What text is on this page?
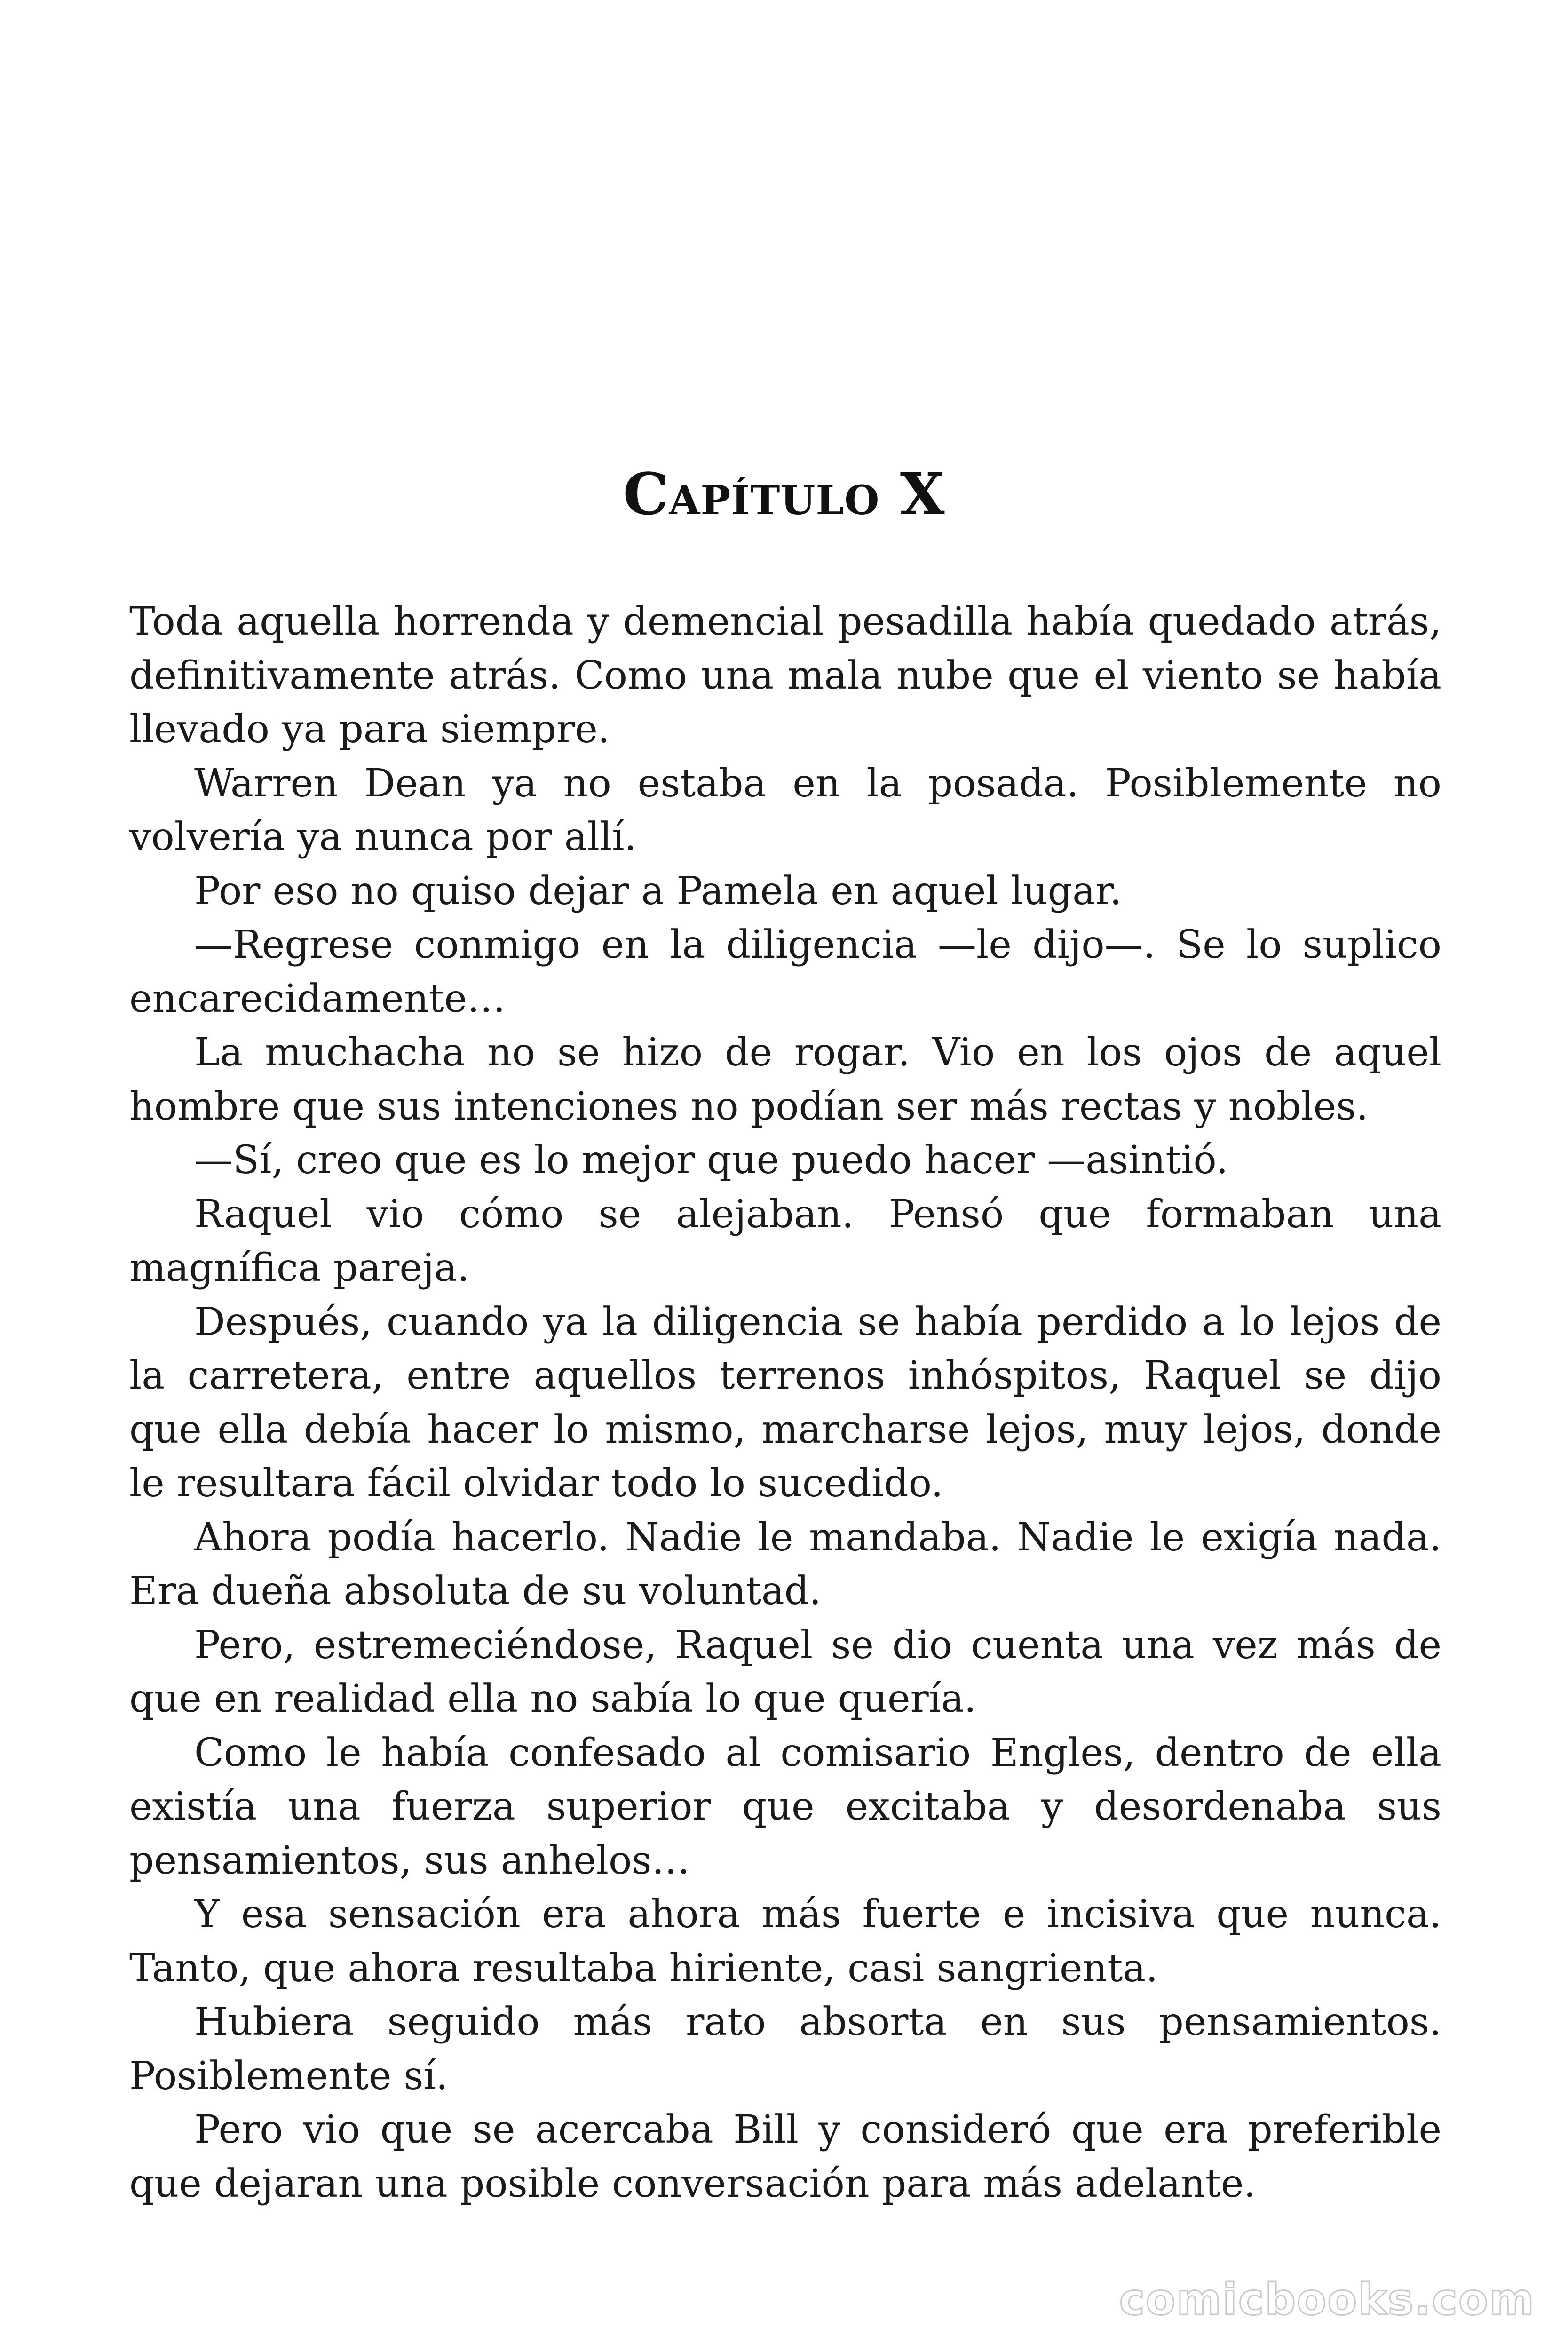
Capítulo X

Toda aquella horrenda y demencial pesadilla había quedado atrás, definitivamente atrás. Como una mala nube que el viento se había llevado ya para siempre.

Warren Dean ya no estaba en la posada. Posiblemente no volvería ya nunca por allí.

Por eso no quiso dejar a Pamela en aquel lugar.

—Regrese conmigo en la diligencia —le dijo—. Se lo suplico encarecidamente…

La muchacha no se hizo de rogar. Vio en los ojos de aquel hombre que sus intenciones no podían ser más rectas y nobles.

—Sí, creo que es lo mejor que puedo hacer —asintió.

Raquel vio cómo se alejaban. Pensó que formaban una magnífica pareja.

Después, cuando ya la diligencia se había perdido a lo lejos de la carretera, entre aquellos terrenos inhóspitos, Raquel se dijo que ella debía hacer lo mismo, marcharse lejos, muy lejos, donde le resultara fácil olvidar todo lo sucedido.

Ahora podía hacerlo. Nadie le mandaba. Nadie le exigía nada. Era dueña absoluta de su voluntad.

Pero, estremeciéndose, Raquel se dio cuenta una vez más de que en realidad ella no sabía lo que quería.

Como le había confesado al comisario Engles, dentro de ella existía una fuerza superior que excitaba y desordenaba sus pensamientos, sus anhelos…

Y esa sensación era ahora más fuerte e incisiva que nunca. Tanto, que ahora resultaba hiriente, casi sangrienta.

Hubiera seguido más rato absorta en sus pensamientos. Posiblemente sí.

Pero vio que se acercaba Bill y consideró que era preferible que dejaran una posible conversación para más adelante.

comicbooks.com
